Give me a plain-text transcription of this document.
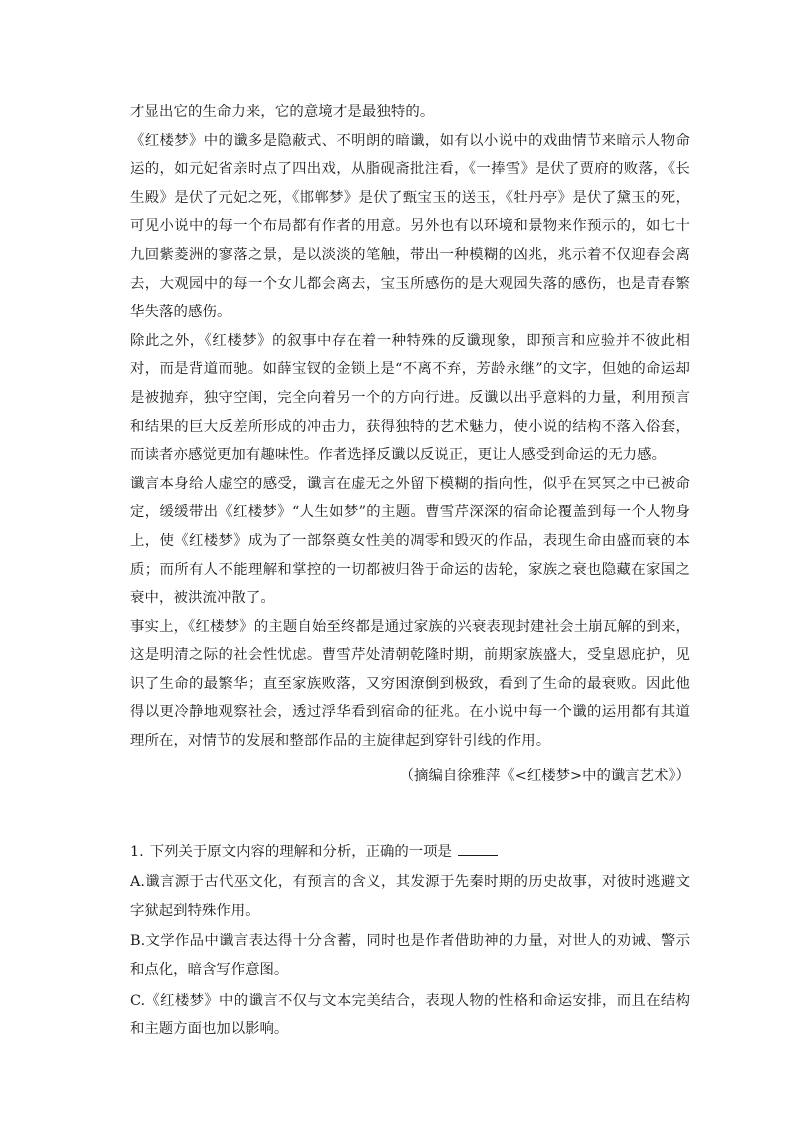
才显出它的生命力来，它的意境才是最独特的。

《红楼梦》中的谶多是隐蔽式、不明朗的暗谶，如有以小说中的戏曲情节来暗示人物命运的，如元妃省亲时点了四出戏，从脂砚斋批注看，《一捧雪》是伏了贾府的败落，《长生殿》是伏了元妃之死，《邯郸梦》是伏了甄宝玉的送玉，《牡丹亭》是伏了黛玉的死，可见小说中的每一个布局都有作者的用意。另外也有以环境和景物来作预示的，如七十九回紫菱洲的寥落之景，是以淡淡的笔触，带出一种模糊的凶兆，兆示着不仅迎春会离去，大观园中的每一个女儿都会离去，宝玉所感伤的是大观园失落的感伤，也是青春繁华失落的感伤。

除此之外，《红楼梦》的叙事中存在着一种特殊的反谶现象，即预言和应验并不彼此相对，而是背道而驰。如薛宝钗的金锁上是“不离不弃，芳龄永继”的文字，但她的命运却是被抛弃，独守空闺，完全向着另一个的方向行进。反谶以出乎意料的力量，利用预言和结果的巨大反差所形成的冲击力，获得独特的艺术魅力，使小说的结构不落入俗套，而读者亦感觉更加有趣味性。作者选择反谶以反说正，更让人感受到命运的无力感。

谶言本身给人虚空的感受，谶言在虚无之外留下模糊的指向性，似乎在冥冥之中已被命定，缓缓带出《红楼梦》“人生如梦”的主题。曹雪芹深深的宿命论覆盖到每一个人物身上，使《红楼梦》成为了一部祭奠女性美的凋零和毁灭的作品，表现生命由盛而衰的本质；而所有人不能理解和掌控的一切都被归咎于命运的齿轮，家族之衰也隐藏在家国之衰中，被洪流冲散了。

事实上，《红楼梦》的主题自始至终都是通过家族的兴衰表现封建社会土崩瓦解的到来，这是明清之际的社会性忧虑。曹雪芹处清朝乾隆时期，前期家族盛大，受皇恩庇护，见识了生命的最繁华；直至家族败落，又穷困潦倒到极致，看到了生命的最衰败。因此他得以更冷静地观察社会，透过浮华看到宿命的征兆。在小说中每一个谶的运用都有其道理所在，对情节的发展和整部作品的主旋律起到穿针引线的作用。

（摘编自徐雅萍《<红楼梦>中的谶言艺术》）

1. 下列关于原文内容的理解和分析，正确的一项是

A.谶言源于古代巫文化，有预言的含义，其发源于先秦时期的历史故事，对彼时逃避文字狱起到特殊作用。

B.文学作品中谶言表达得十分含蓄，同时也是作者借助神的力量，对世人的劝诫、警示和点化，暗含写作意图。

C.《红楼梦》中的谶言不仅与文本完美结合，表现人物的性格和命运安排，而且在结构和主题方面也加以影响。
